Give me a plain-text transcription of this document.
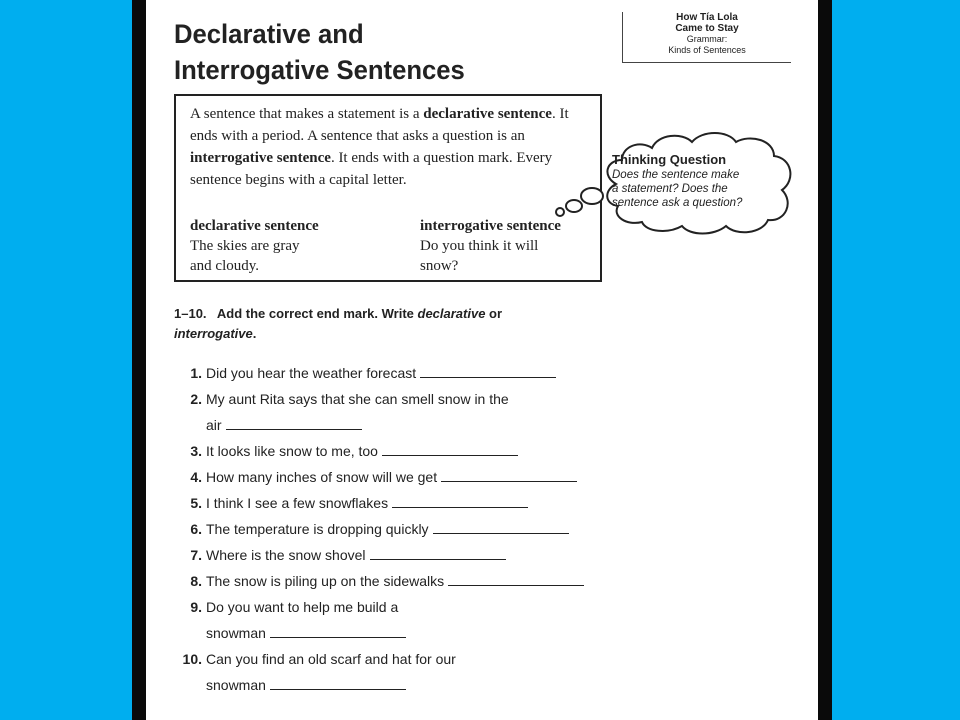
Declarative and
Interrogative Sentences
How Tía Lola
Came to Stay
Grammar:
Kinds of Sentences

A sentence that makes a statement is a declarative sentence. It ends with a period. A sentence that asks a question is an interrogative sentence. It ends with a question mark. Every sentence begins with a capital letter.

declarative sentence
The skies are gray
and cloudy.
interrogative sentence
Do you think it will
snow?
Thinking Question
Does the sentence make
a statement? Does the
sentence ask a question?

1–10. Add the correct end mark. Write declarative or
interrogative.

1. Did you hear the weather forecast
2. My aunt Rita says that she can smell snow in the
air
3. It looks like snow to me, too
4. How many inches of snow will we get
5. I think I see a few snowflakes
6. The temperature is dropping quickly
7. Where is the snow shovel
8. The snow is piling up on the sidewalks
9. Do you want to help me build a
snowman
10. Can you find an old scarf and hat for our
snowman
